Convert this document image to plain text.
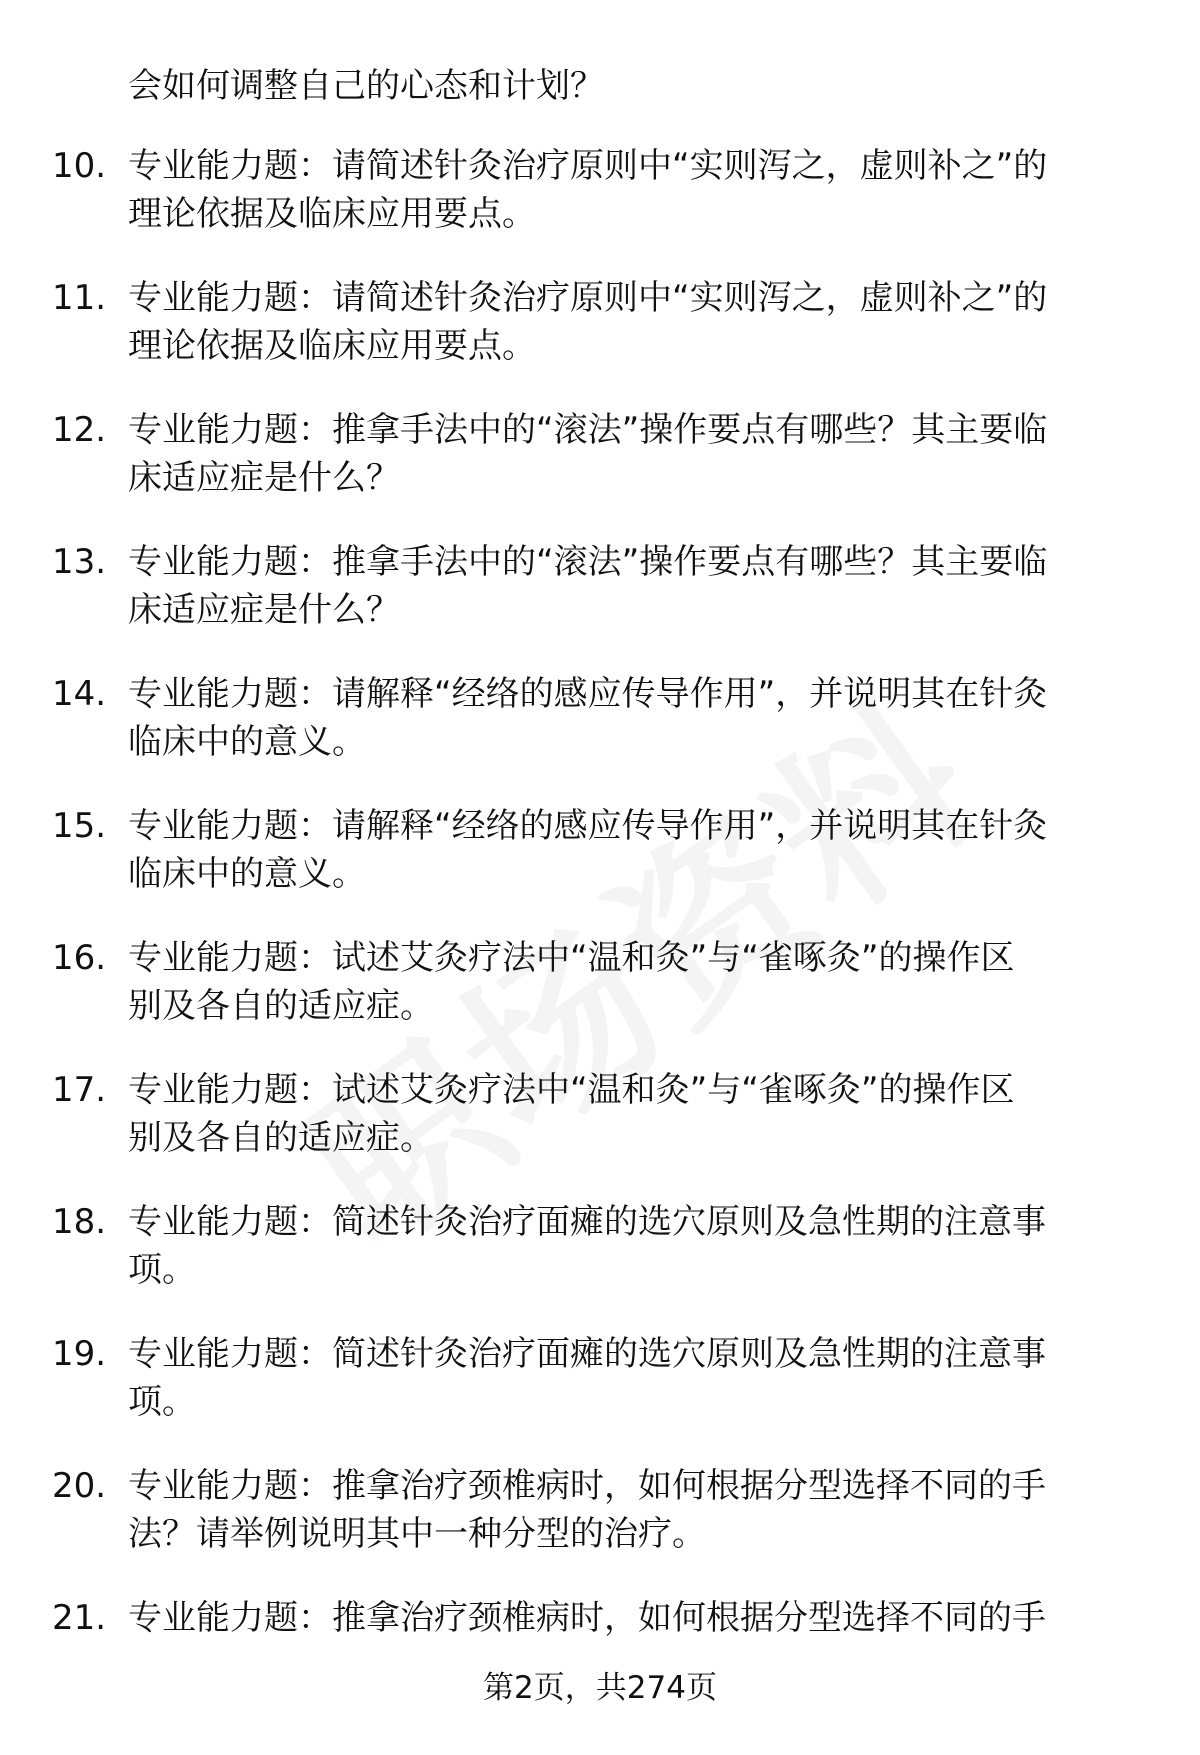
会如何调整自己的心态和计划？
10. 专业能力题：请简述针灸治疗原则中“实则泻之，虚则补之”的
理论依据及临床应用要点。
11. 专业能力题：请简述针灸治疗原则中“实则泻之，虚则补之”的
理论依据及临床应用要点。
12. 专业能力题：推拿手法中的“滚法”操作要点有哪些？其主要临
床适应症是什么？
13. 专业能力题：推拿手法中的“滚法”操作要点有哪些？其主要临
床适应症是什么？
14. 专业能力题：请解释“经络的感应传导作用”，并说明其在针灸
临床中的意义。
15. 专业能力题：请解释“经络的感应传导作用”，并说明其在针灸
临床中的意义。
16. 专业能力题：试述艾灸疗法中“温和灸”与“雀啄灸”的操作区
别及各自的适应症。
17. 专业能力题：试述艾灸疗法中“温和灸”与“雀啄灸”的操作区
别及各自的适应症。
18. 专业能力题：简述针灸治疗面瘫的选穴原则及急性期的注意事
项。
19. 专业能力题：简述针灸治疗面瘫的选穴原则及急性期的注意事
项。
20. 专业能力题：推拿治疗颈椎病时，如何根据分型选择不同的手
法？请举例说明其中一种分型的治疗。
21. 专业能力题：推拿治疗颈椎病时，如何根据分型选择不同的手
第2页，共274页
